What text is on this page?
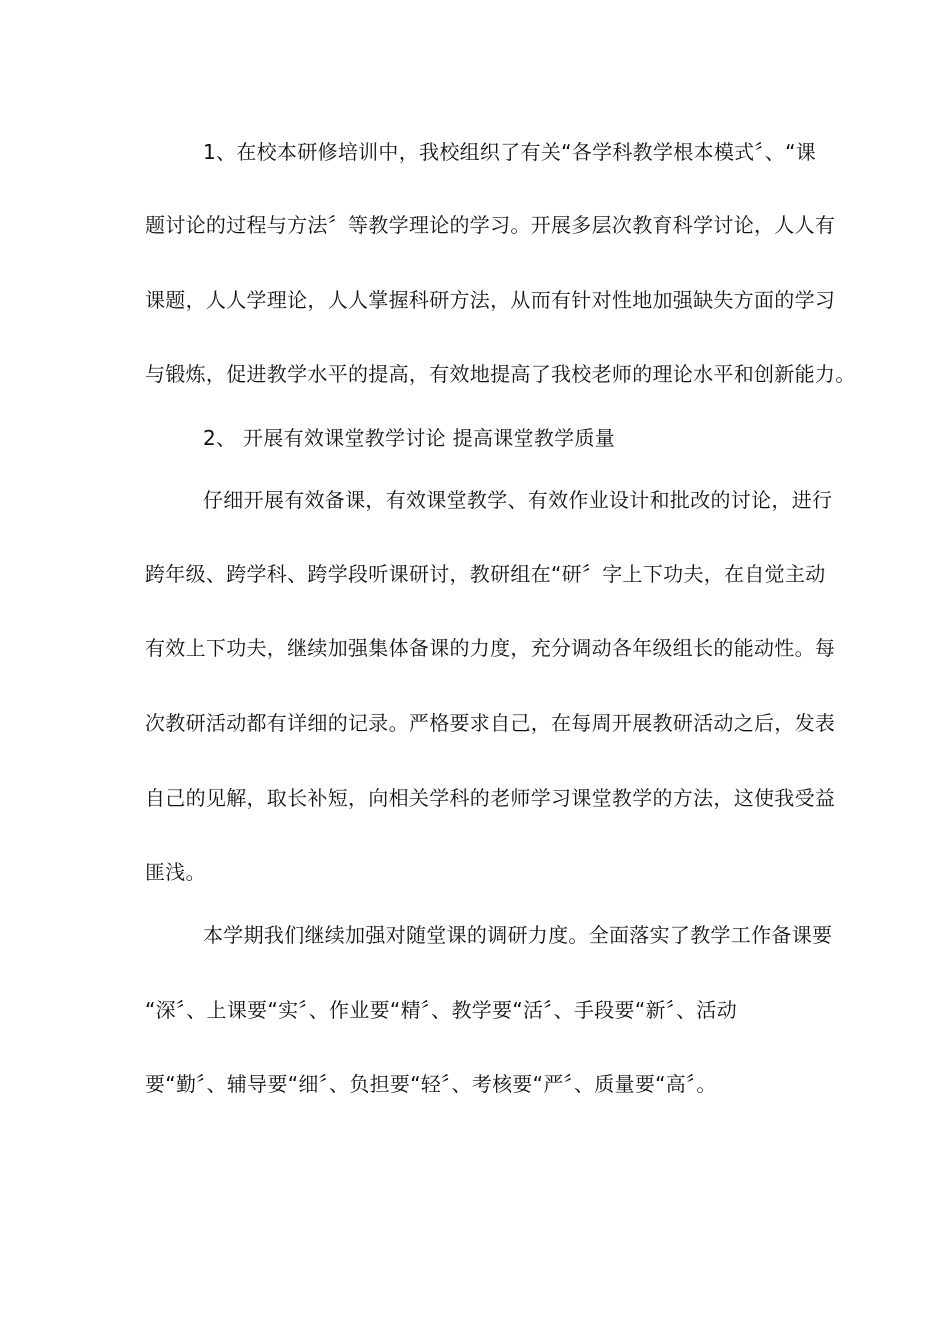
1、在校本研修培训中，我校组织了有关“各学科教学根本模式〞、“课
题讨论的过程与方法〞等教学理论的学习。开展多层次教育科学讨论，人人有
课题，人人学理论，人人掌握科研方法，从而有针对性地加强缺失方面的学习
与锻炼，促进教学水平的提高，有效地提高了我校老师的理论水平和创新能力。
2、 开展有效课堂教学讨论 提高课堂教学质量
仔细开展有效备课，有效课堂教学、有效作业设计和批改的讨论，进行
跨年级、跨学科、跨学段听课研讨，教研组在“研〞字上下功夫，在自觉主动
有效上下功夫，继续加强集体备课的力度，充分调动各年级组长的能动性。每
次教研活动都有详细的记录。严格要求自己，在每周开展教研活动之后，发表
自己的见解，取长补短，向相关学科的老师学习课堂教学的方法，这使我受益
匪浅。
本学期我们继续加强对随堂课的调研力度。全面落实了教学工作备课要
“深〞、上课要“实〞、作业要“精〞、教学要“活〞、手段要“新〞、活动
要“勤〞、辅导要“细〞、负担要“轻〞、考核要“严〞、质量要“高〞。
